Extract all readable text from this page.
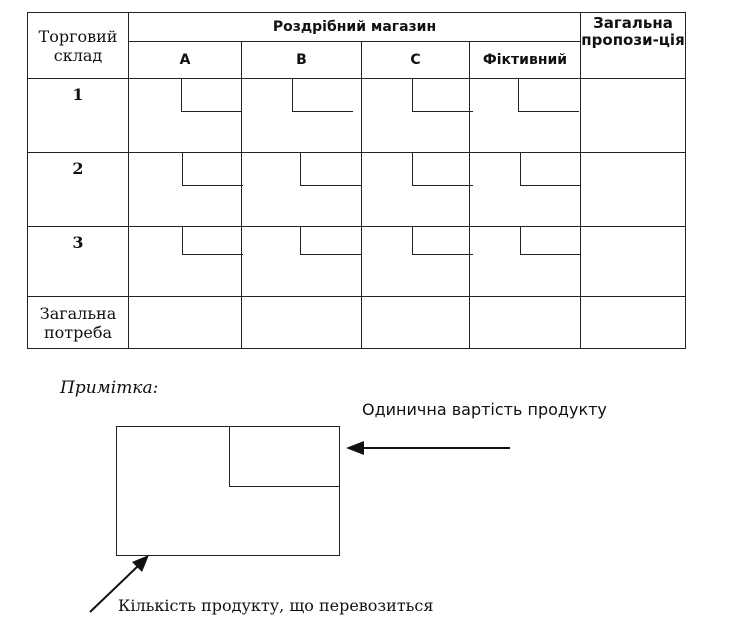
Торговий склад	Роздрібний магазин				Загальна пропози-ція
	A	B	C	Фіктивний	
1	

2	

3	

Загальна потреба					
Примітка:
Одинична вартість продукту
Кількість продукту, що перевозиться
